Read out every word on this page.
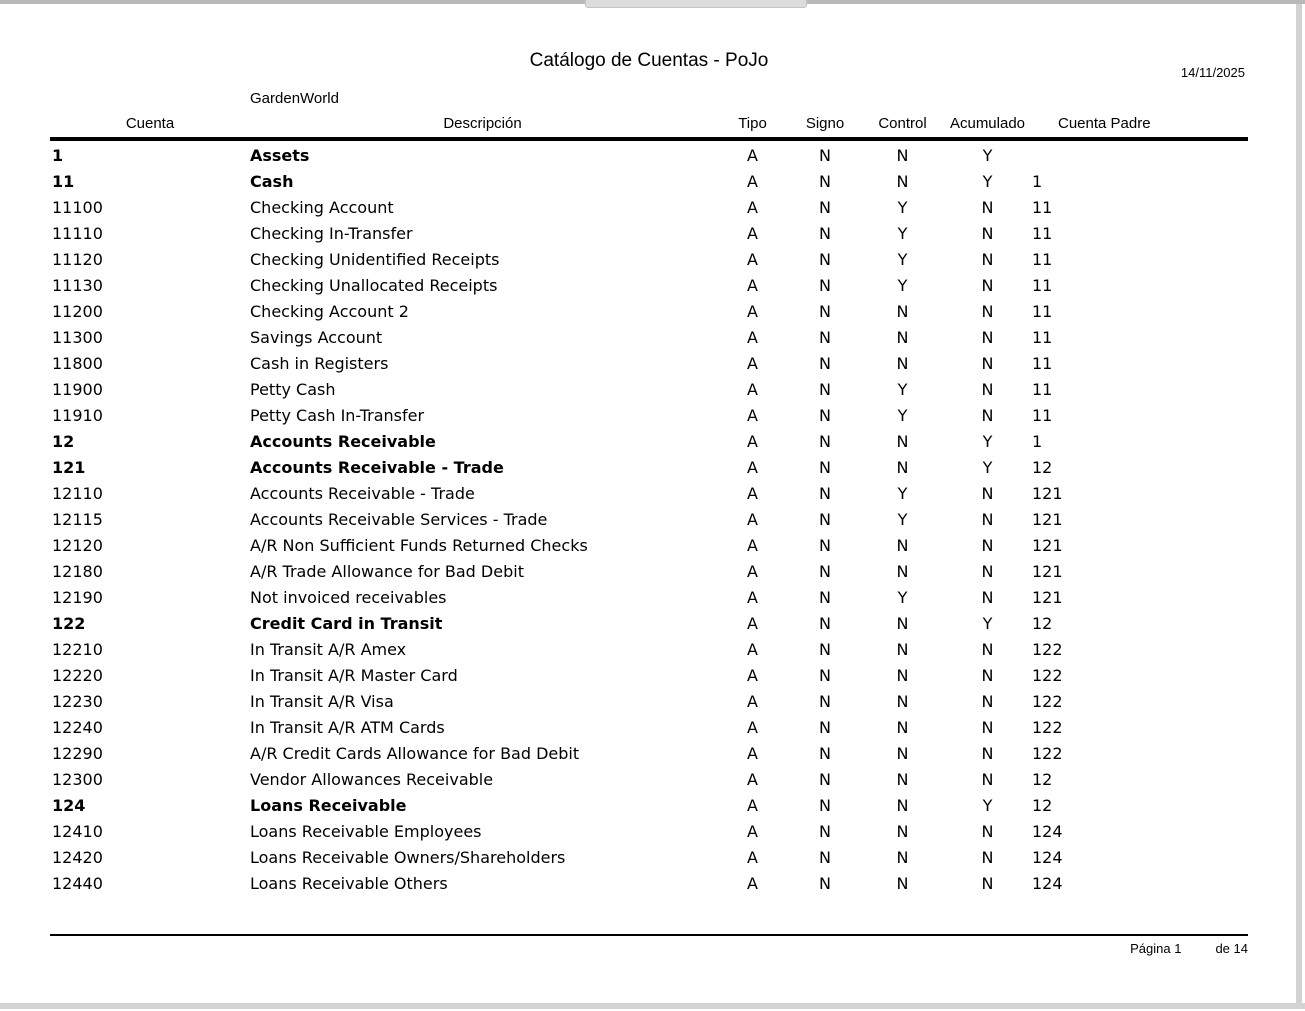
Catálogo de Cuentas - PoJo
14/11/2025
GardenWorld
Cuenta	Descripción	Tipo	Signo	Control	Acumulado	Cuenta Padre
1	Assets	A	N	N	Y
11	Cash	A	N	N	Y	1
11100	Checking Account	A	N	Y	N	11
11110	Checking In-Transfer	A	N	Y	N	11
11120	Checking Unidentified Receipts	A	N	Y	N	11
11130	Checking Unallocated Receipts	A	N	Y	N	11
11200	Checking Account 2	A	N	N	N	11
11300	Savings Account	A	N	N	N	11
11800	Cash in Registers	A	N	N	N	11
11900	Petty Cash	A	N	Y	N	11
11910	Petty Cash In-Transfer	A	N	Y	N	11
12	Accounts Receivable	A	N	N	Y	1
121	Accounts Receivable - Trade	A	N	N	Y	12
12110	Accounts Receivable - Trade	A	N	Y	N	121
12115	Accounts Receivable Services - Trade	A	N	Y	N	121
12120	A/R Non Sufficient Funds Returned Checks	A	N	N	N	121
12180	A/R Trade Allowance for Bad Debit	A	N	N	N	121
12190	Not invoiced receivables	A	N	Y	N	121
122	Credit Card in Transit	A	N	N	Y	12
12210	In Transit A/R Amex	A	N	N	N	122
12220	In Transit A/R Master Card	A	N	N	N	122
12230	In Transit A/R Visa	A	N	N	N	122
12240	In Transit A/R ATM Cards	A	N	N	N	122
12290	A/R Credit Cards Allowance for Bad Debit	A	N	N	N	122
12300	Vendor Allowances Receivable	A	N	N	N	12
124	Loans Receivable	A	N	N	Y	12
12410	Loans Receivable Employees	A	N	N	N	124
12420	Loans Receivable Owners/Shareholders	A	N	N	N	124
12440	Loans Receivable Others	A	N	N	N	124
Página 1	de 14
